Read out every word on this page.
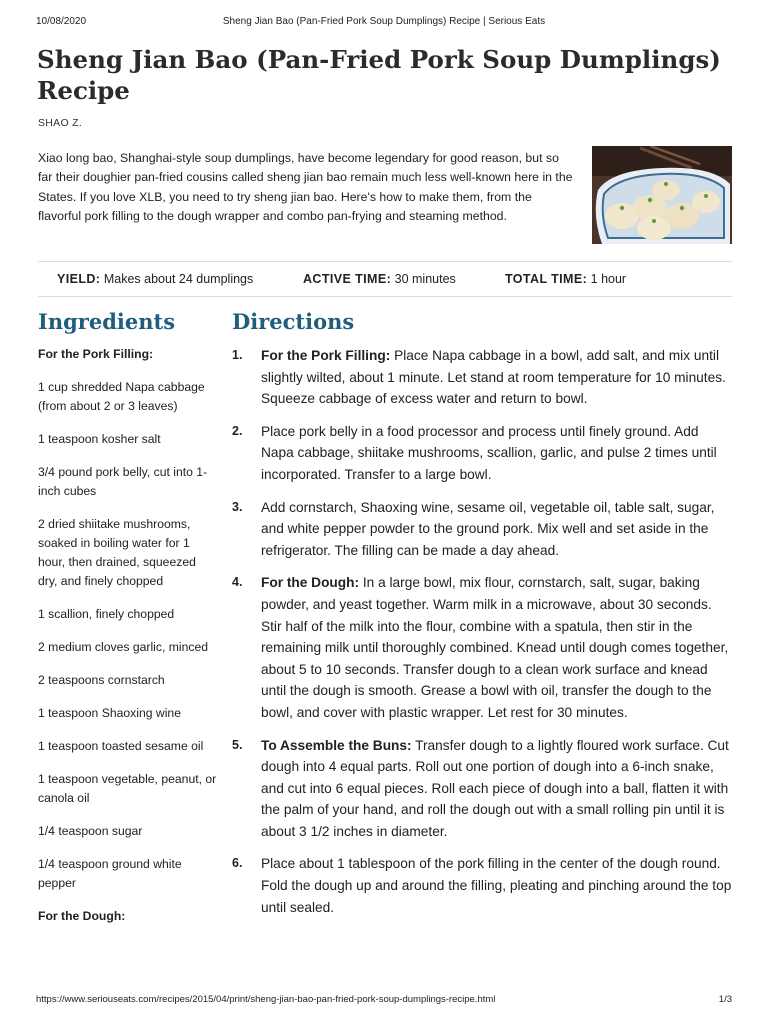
10/08/2020	Sheng Jian Bao (Pan-Fried Pork Soup Dumplings) Recipe | Serious Eats
Sheng Jian Bao (Pan-Fried Pork Soup Dumplings) Recipe
SHAO Z.

Xiao long bao, Shanghai-style soup dumplings, have become legendary for good reason, but so far their doughier pan-fried cousins called sheng jian bao remain much less well-known here in the States. If you love XLB, you need to try sheng jian bao. Here's how to make them, from the flavorful pork filling to the dough wrapper and combo pan-frying and steaming method.

YIELD: Makes about 24 dumplings	ACTIVE TIME: 30 minutes	TOTAL TIME: 1 hour
Ingredients
For the Pork Filling:
1 cup shredded Napa cabbage (from about 2 or 3 leaves)
1 teaspoon kosher salt
3/4 pound pork belly, cut into 1-inch cubes
2 dried shiitake mushrooms, soaked in boiling water for 1 hour, then drained, squeezed dry, and finely chopped
1 scallion, finely chopped
2 medium cloves garlic, minced
2 teaspoons cornstarch
1 teaspoon Shaoxing wine
1 teaspoon toasted sesame oil
1 teaspoon vegetable, peanut, or canola oil
1/4 teaspoon sugar
1/4 teaspoon ground white pepper
For the Dough:
Directions
1. For the Pork Filling: Place Napa cabbage in a bowl, add salt, and mix until slightly wilted, about 1 minute. Let stand at room temperature for 10 minutes. Squeeze cabbage of excess water and return to bowl.
2. Place pork belly in a food processor and process until finely ground. Add Napa cabbage, shiitake mushrooms, scallion, garlic, and pulse 2 times until incorporated. Transfer to a large bowl.
3. Add cornstarch, Shaoxing wine, sesame oil, vegetable oil, table salt, sugar, and white pepper powder to the ground pork. Mix well and set aside in the refrigerator. The filling can be made a day ahead.
4. For the Dough: In a large bowl, mix flour, cornstarch, salt, sugar, baking powder, and yeast together. Warm milk in a microwave, about 30 seconds. Stir half of the milk into the flour, combine with a spatula, then stir in the remaining milk until thoroughly combined. Knead until dough comes together, about 5 to 10 seconds. Transfer dough to a clean work surface and knead until the dough is smooth. Grease a bowl with oil, transfer the dough to the bowl, and cover with plastic wrapper. Let rest for 30 minutes.
5. To Assemble the Buns: Transfer dough to a lightly floured work surface. Cut dough into 4 equal parts. Roll out one portion of dough into a 6-inch snake, and cut into 6 equal pieces. Roll each piece of dough into a ball, flatten it with the palm of your hand, and roll the dough out with a small rolling pin until it is about 3 1/2 inches in diameter.
6. Place about 1 tablespoon of the pork filling in the center of the dough round. Fold the dough up and around the filling, pleating and pinching around the top until sealed.
https://www.seriouseats.com/recipes/2015/04/print/sheng-jian-bao-pan-fried-pork-soup-dumplings-recipe.html	1/3
